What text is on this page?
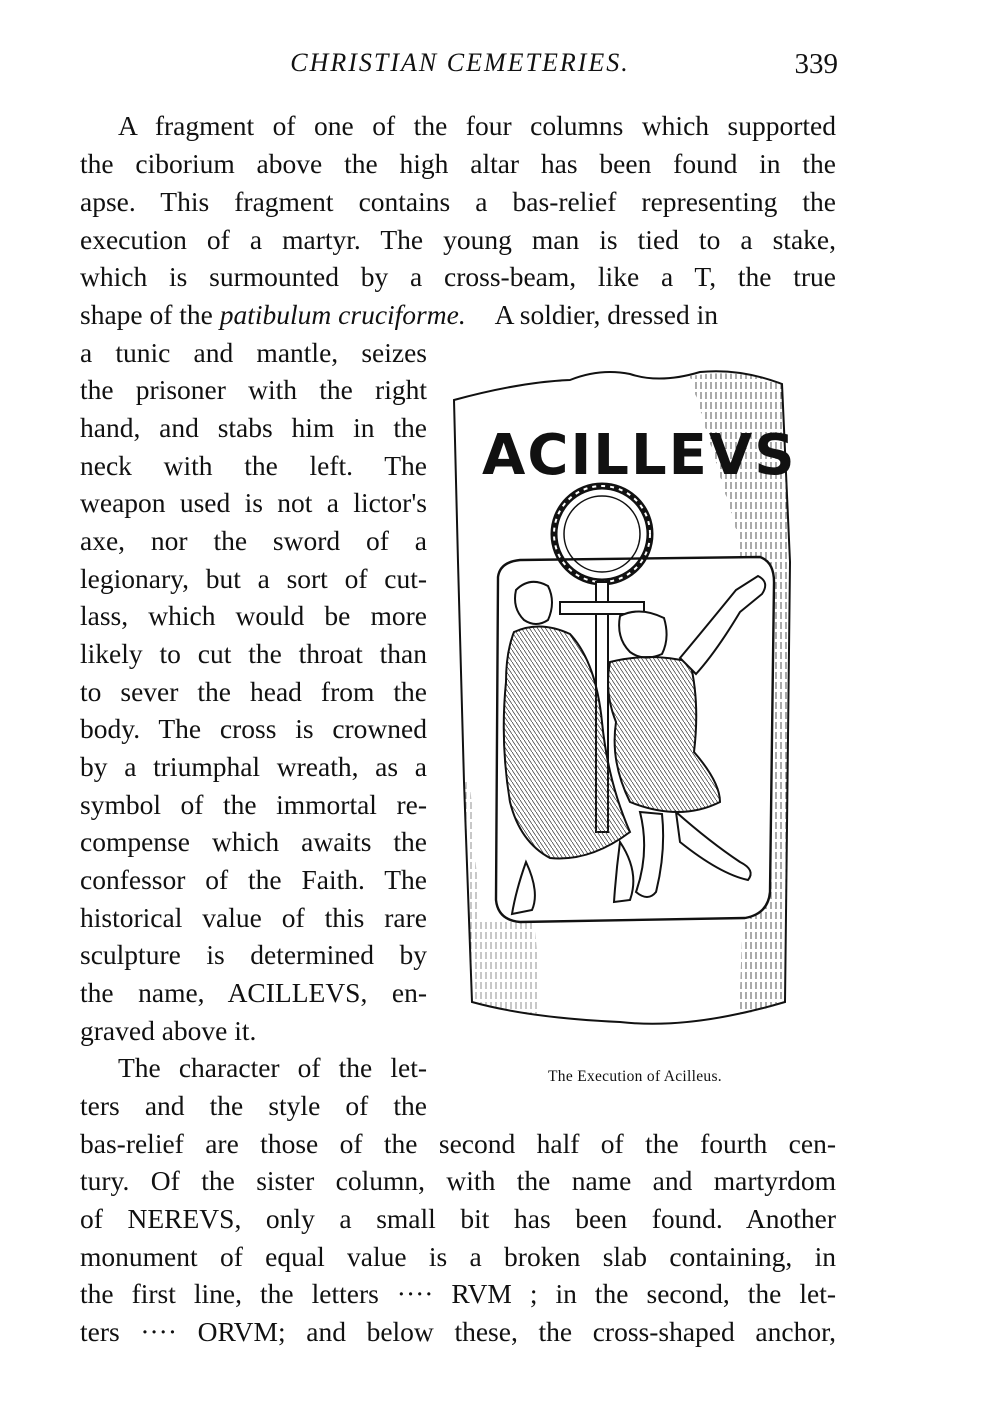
CHRISTIAN CEMETERIES.	339
A fragment of one of the four columns which supported
the ciborium above the high altar has been found in the
apse. This fragment contains a bas-relief representing the
execution of a martyr. The young man is tied to a stake,
which is surmounted by a cross-beam, like a T, the true
shape of the patibulum cruciforme. A soldier, dressed in
a tunic and mantle, seizes
the prisoner with the right
hand, and stabs him in the
neck with the left. The
weapon used is not a lictor's
axe, nor the sword of a
legionary, but a sort of cut-
lass, which would be more
likely to cut the throat than
to sever the head from the
body. The cross is crowned
by a triumphal wreath, as a
symbol of the immortal re-
compense which awaits the
confessor of the Faith. The
historical value of this rare
sculpture is determined by
the name, ACILLEVS, en-
graved above it.
The character of the let-
ters and the style of the
bas-relief are those of the second half of the fourth cen-
tury. Of the sister column, with the name and martyrdom
of NEREVS, only a small bit has been found. Another
monument of equal value is a broken slab containing, in
the first line, the letters ···· RVM ; in the second, the let-
ters ···· ORVM; and below these, the cross-shaped anchor,
ACILLEVS
The Execution of Acilleus.
